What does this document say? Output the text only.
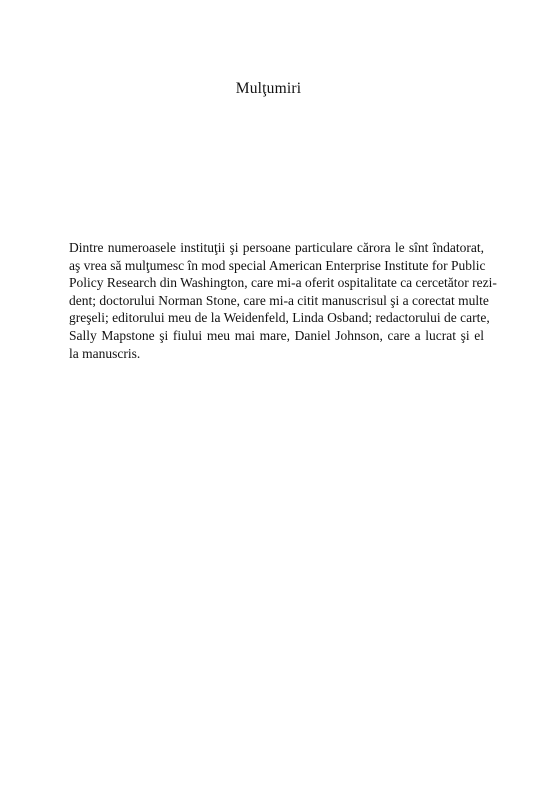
Mulţumiri

Dintre numeroasele instituţii şi persoane particulare cărora le sînt îndatorat,
aş vrea să mulţumesc în mod special American Enterprise Institute for Public
Policy Research din Washington, care mi-a oferit ospitalitate ca cercetător rezi-
dent; doctorului Norman Stone, care mi-a citit manuscrisul şi a corectat multe
greşeli; editorului meu de la Weidenfeld, Linda Osband; redactorului de carte,
Sally Mapstone şi fiului meu mai mare, Daniel Johnson, care a lucrat şi el
la manuscris.
